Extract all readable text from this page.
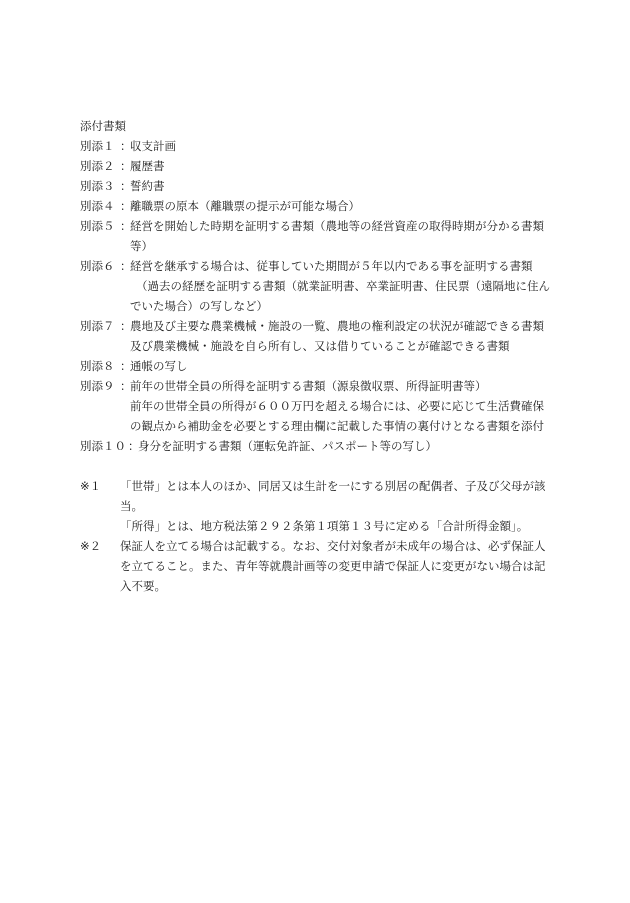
添付書類
別添１ ：
収支計画
別添２ ：
履歴書
別添３ ：
誓約書
別添４ ：
離職票の原本（離職票の提示が可能な場合）
別添５ ：
経営を開始した時期を証明する書類（農地等の経営資産の取得時期が分かる書類
等）
別添６ ：
経営を継承する場合は、従事していた期間が５年以内である事を証明する書類
（過去の経歴を証明する書類（就業証明書、卒業証明書、住民票（遠隔地に住ん
でいた場合）の写しなど）
別添７ ：
農地及び主要な農業機械・施設の一覧、農地の権利設定の状況が確認できる書類
及び農業機械・施設を自ら所有し、又は借りていることが確認できる書類
別添８ ：
通帳の写し
別添９ ：
前年の世帯全員の所得を証明する書類（源泉徴収票、所得証明書等）
前年の世帯全員の所得が６００万円を超える場合には、必要に応じて生活費確保
の観点から補助金を必要とする理由欄に記載した事情の裏付けとなる書類を添付
別添１０ ：
身分を証明する書類（運転免許証、パスポート等の写し）
※１	「世帯」とは本人のほか、同居又は生計を一にする別居の配偶者、子及び父母が該
当。
「所得」とは、地方税法第２９２条第１項第１３号に定める「合計所得金額」。
※２	保証人を立てる場合は記載する。なお、交付対象者が未成年の場合は、必ず保証人
を立てること。また、青年等就農計画等の変更申請で保証人に変更がない場合は記
入不要。
